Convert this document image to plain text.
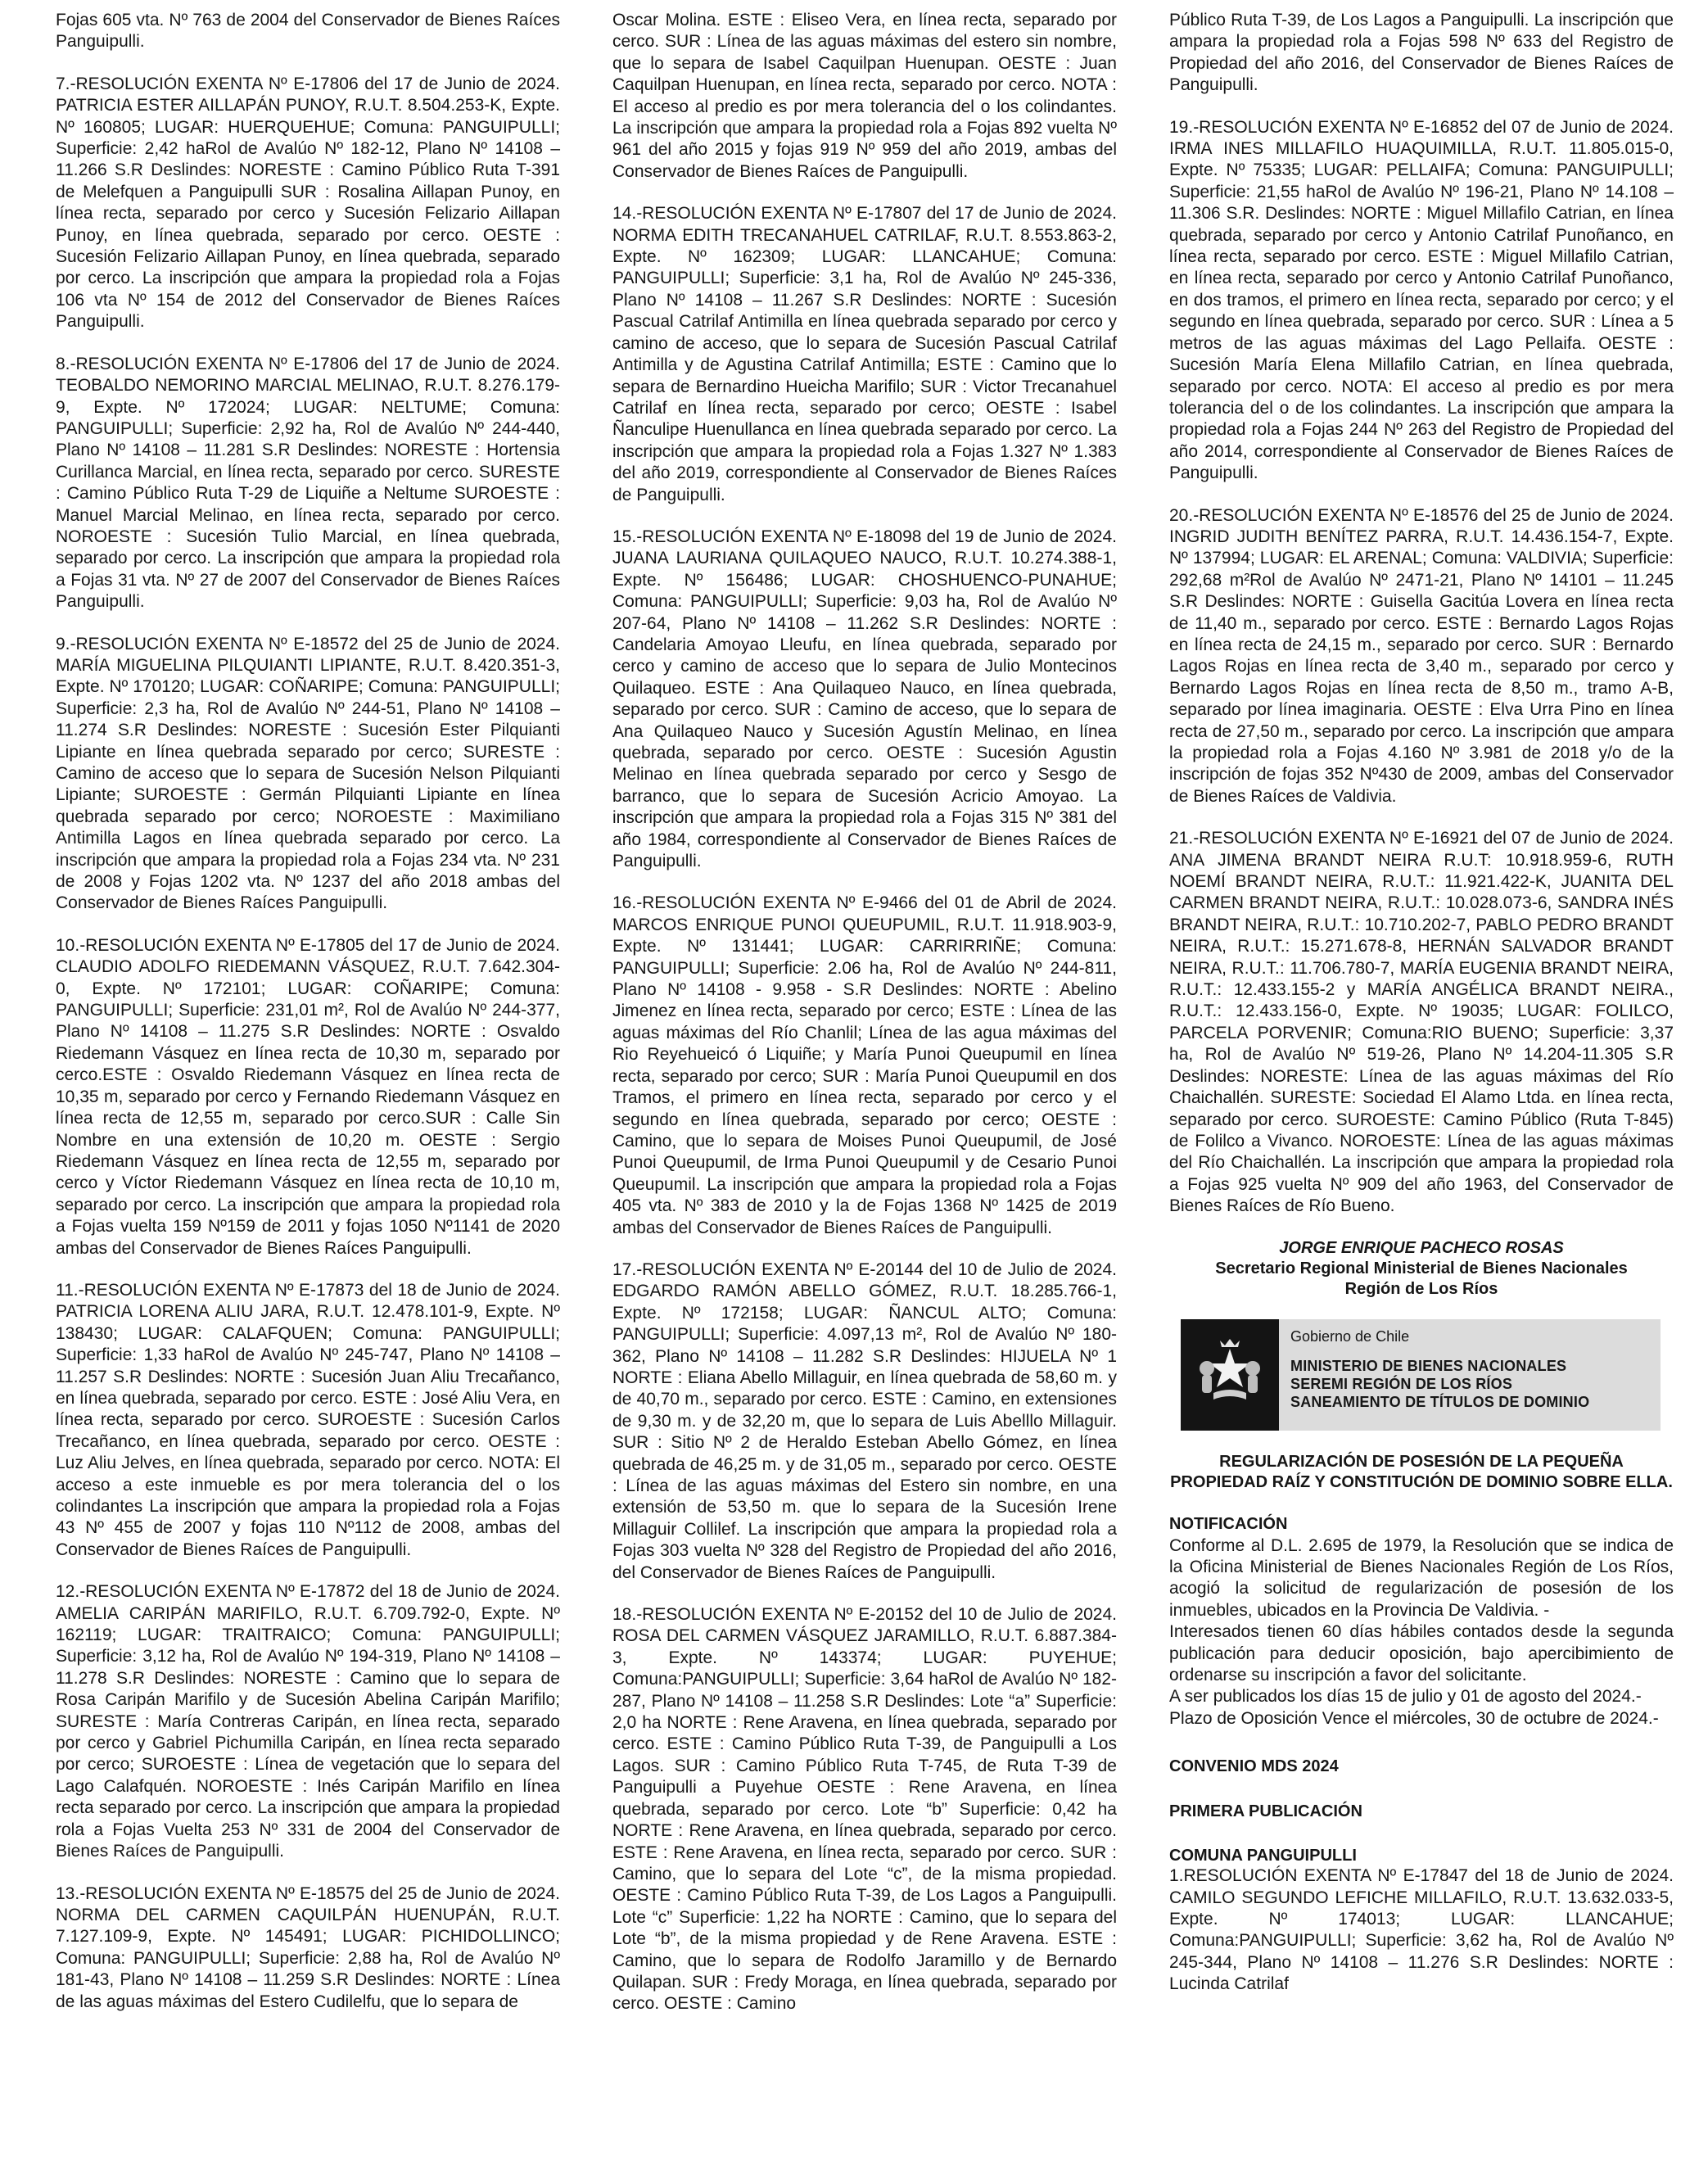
Fojas 605 vta. Nº 763 de 2004 del Conservador de Bienes Raíces Panguipulli.

7.-RESOLUCIÓN EXENTA Nº E-17806 del 17 de Junio de 2024. PATRICIA ESTER AILLAPÁN PUNOY, R.U.T. 8.504.253-K, Expte. Nº 160805; LUGAR: HUERQUEHUE; Comuna: PANGUIPULLI; Superficie: 2,42 haRol de Avalúo Nº 182-12, Plano Nº 14108 – 11.266 S.R Deslindes: NORESTE : Camino Público Ruta T-391 de Melefquen a Panguipulli SUR : Rosalina Aillapan Punoy, en línea recta, separado por cerco y Sucesión Felizario Aillapan Punoy, en línea quebrada, separado por cerco. OESTE : Sucesión Felizario Aillapan Punoy, en línea quebrada, separado por cerco. La inscripción que ampara la propiedad rola a Fojas 106 vta Nº 154 de 2012 del Conservador de Bienes Raíces Panguipulli.

8.-RESOLUCIÓN EXENTA Nº E-17806 del 17 de Junio de 2024. TEOBALDO NEMORINO MARCIAL MELINAO, R.U.T. 8.276.179-9, Expte. Nº 172024; LUGAR: NELTUME; Comuna: PANGUIPULLI; Superficie: 2,92 ha, Rol de Avalúo Nº 244-440, Plano Nº 14108 – 11.281 S.R Deslindes: NORESTE : Hortensia Curillanca Marcial, en línea recta, separado por cerco. SURESTE : Camino Público Ruta T-29 de Liquiñe a Neltume SUROESTE : Manuel Marcial Melinao, en línea recta, separado por cerco. NOROESTE : Sucesión Tulio Marcial, en línea quebrada, separado por cerco. La inscripción que ampara la propiedad rola a Fojas 31 vta. Nº 27 de 2007 del Conservador de Bienes Raíces Panguipulli.

9.-RESOLUCIÓN EXENTA Nº E-18572 del 25 de Junio de 2024. MARÍA MIGUELINA PILQUIANTI LIPIANTE, R.U.T. 8.420.351-3, Expte. Nº 170120; LUGAR: COÑARIPE; Comuna: PANGUIPULLI; Superficie: 2,3 ha, Rol de Avalúo Nº 244-51, Plano Nº 14108 – 11.274 S.R Deslindes: NORESTE : Sucesión Ester Pilquianti Lipiante en línea quebrada separado por cerco; SURESTE : Camino de acceso que lo separa de Sucesión Nelson Pilquianti Lipiante; SUROESTE : Germán Pilquianti Lipiante en línea quebrada separado por cerco; NOROESTE : Maximiliano Antimilla Lagos en línea quebrada separado por cerco. La inscripción que ampara la propiedad rola a Fojas 234 vta. Nº 231 de 2008 y Fojas 1202 vta. Nº 1237 del año 2018 ambas del Conservador de Bienes Raíces Panguipulli.

10.-RESOLUCIÓN EXENTA Nº E-17805 del 17 de Junio de 2024. CLAUDIO ADOLFO RIEDEMANN VÁSQUEZ, R.U.T. 7.642.304-0, Expte. Nº 172101; LUGAR: COÑARIPE; Comuna: PANGUIPULLI; Superficie: 231,01 m², Rol de Avalúo Nº 244-377, Plano Nº 14108 – 11.275 S.R Deslindes: NORTE : Osvaldo Riedemann Vásquez en línea recta de 10,30 m, separado por cerco.ESTE : Osvaldo Riedemann Vásquez en línea recta de 10,35 m, separado por cerco y Fernando Riedemann Vásquez en línea recta de 12,55 m, separado por cerco.SUR : Calle Sin Nombre en una extensión de 10,20 m. OESTE : Sergio Riedemann Vásquez en línea recta de 12,55 m, separado por cerco y Víctor Riedemann Vásquez en línea recta de 10,10 m, separado por cerco. La inscripción que ampara la propiedad rola a Fojas vuelta 159 Nº159 de 2011 y fojas 1050 Nº1141 de 2020 ambas del Conservador de Bienes Raíces Panguipulli.

11.-RESOLUCIÓN EXENTA Nº E-17873 del 18 de Junio de 2024. PATRICIA LORENA ALIU JARA, R.U.T. 12.478.101-9, Expte. Nº 138430; LUGAR: CALAFQUEN; Comuna: PANGUIPULLI; Superficie: 1,33 haRol de Avalúo Nº 245-747, Plano Nº 14108 –11.257 S.R Deslindes: NORTE : Sucesión Juan Aliu Trecañanco, en línea quebrada, separado por cerco. ESTE : José Aliu Vera, en línea recta, separado por cerco. SUROESTE : Sucesión Carlos Trecañanco, en línea quebrada, separado por cerco. OESTE : Luz Aliu Jelves, en línea quebrada, separado por cerco. NOTA: El acceso a este inmueble es por mera tolerancia del o los colindantes La inscripción que ampara la propiedad rola a Fojas 43 Nº 455 de 2007 y fojas 110 Nº112 de 2008, ambas del Conservador de Bienes Raíces de Panguipulli.

12.-RESOLUCIÓN EXENTA Nº E-17872 del 18 de Junio de 2024. AMELIA CARIPÁN MARIFILO, R.U.T. 6.709.792-0, Expte. Nº 162119; LUGAR: TRAITRAICO; Comuna: PANGUIPULLI; Superficie: 3,12 ha, Rol de Avalúo Nº 194-319, Plano Nº 14108 – 11.278 S.R Deslindes: NORESTE : Camino que lo separa de Rosa Caripán Marifilo y de Sucesión Abelina Caripán Marifilo; SURESTE : María Contreras Caripán, en línea recta, separado por cerco y Gabriel Pichumilla Caripán, en línea recta separado por cerco; SUROESTE : Línea de vegetación que lo separa del Lago Calafquén. NOROESTE : Inés Caripán Marifilo en línea recta separado por cerco. La inscripción que ampara la propiedad rola a Fojas Vuelta 253 Nº 331 de 2004 del Conservador de Bienes Raíces de Panguipulli.

13.-RESOLUCIÓN EXENTA Nº E-18575 del 25 de Junio de 2024. NORMA DEL CARMEN CAQUILPÁN HUENUPÁN, R.U.T. 7.127.109-9, Expte. Nº 145491; LUGAR: PICHIDOLLINCO; Comuna: PANGUIPULLI; Superficie: 2,88 ha, Rol de Avalúo Nº 181-43, Plano Nº 14108 – 11.259 S.R Deslindes: NORTE : Línea de las aguas máximas del Estero Cudilelfu, que lo separa de

Oscar Molina. ESTE : Eliseo Vera, en línea recta, separado por cerco. SUR : Línea de las aguas máximas del estero sin nombre, que lo separa de Isabel Caquilpan Huenupan. OESTE : Juan Caquilpan Huenupan, en línea recta, separado por cerco. NOTA : El acceso al predio es por mera tolerancia del o los colindantes. La inscripción que ampara la propiedad rola a Fojas 892 vuelta Nº 961 del año 2015 y fojas 919 Nº 959 del año 2019, ambas del Conservador de Bienes Raíces de Panguipulli.

14.-RESOLUCIÓN EXENTA Nº E-17807 del 17 de Junio de 2024. NORMA EDITH TRECANAHUEL CATRILAF, R.U.T. 8.553.863-2, Expte. Nº 162309; LUGAR: LLANCAHUE; Comuna: PANGUIPULLI; Superficie: 3,1 ha, Rol de Avalúo Nº 245-336, Plano Nº 14108 – 11.267 S.R Deslindes: NORTE : Sucesión Pascual Catrilaf Antimilla en línea quebrada separado por cerco y camino de acceso, que lo separa de Sucesión Pascual Catrilaf Antimilla y de Agustina Catrilaf Antimilla; ESTE : Camino que lo separa de Bernardino Hueicha Marifilo; SUR : Victor Trecanahuel Catrilaf en línea recta, separado por cerco; OESTE : Isabel Ñanculipe Huenullanca en línea quebrada separado por cerco. La inscripción que ampara la propiedad rola a Fojas 1.327 Nº 1.383 del año 2019, correspondiente al Conservador de Bienes Raíces de Panguipulli.

15.-RESOLUCIÓN EXENTA Nº E-18098 del 19 de Junio de 2024. JUANA LAURIANA QUILAQUEO NAUCO, R.U.T. 10.274.388-1, Expte. Nº 156486; LUGAR: CHOSHUENCO-PUNAHUE; Comuna: PANGUIPULLI; Superficie: 9,03 ha, Rol de Avalúo Nº 207-64, Plano Nº 14108 – 11.262 S.R Deslindes: NORTE : Candelaria Amoyao Lleufu, en línea quebrada, separado por cerco y camino de acceso que lo separa de Julio Montecinos Quilaqueo. ESTE : Ana Quilaqueo Nauco, en línea quebrada, separado por cerco. SUR : Camino de acceso, que lo separa de Ana Quilaqueo Nauco y Sucesión Agustín Melinao, en línea quebrada, separado por cerco. OESTE : Sucesión Agustin Melinao en línea quebrada separado por cerco y Sesgo de barranco, que lo separa de Sucesión Acricio Amoyao. La inscripción que ampara la propiedad rola a Fojas 315 Nº 381 del año 1984, correspondiente al Conservador de Bienes Raíces de Panguipulli.

16.-RESOLUCIÓN EXENTA Nº E-9466 del 01 de Abril de 2024. MARCOS ENRIQUE PUNOI QUEUPUMIL, R.U.T. 11.918.903-9, Expte. Nº 131441; LUGAR: CARRIRRIÑE; Comuna: PANGUIPULLI; Superficie: 2.06 ha, Rol de Avalúo Nº 244-811, Plano Nº 14108 - 9.958 - S.R Deslindes: NORTE : Abelino Jimenez en línea recta, separado por cerco; ESTE : Línea de las aguas máximas del Río Chanlil; Línea de las agua máximas del Rio Reyehueicó ó Liquiñe; y María Punoi Queupumil en línea recta, separado por cerco; SUR : María Punoi Queupumil en dos Tramos, el primero en línea recta, separado por cerco y el segundo en línea quebrada, separado por cerco; OESTE : Camino, que lo separa de Moises Punoi Queupumil, de José Punoi Queupumil, de Irma Punoi Queupumil y de Cesario Punoi Queupumil. La inscripción que ampara la propiedad rola a Fojas 405 vta. Nº 383 de 2010 y la de Fojas 1368 Nº 1425 de 2019 ambas del Conservador de Bienes Raíces de Panguipulli.

17.-RESOLUCIÓN EXENTA Nº E-20144 del 10 de Julio de 2024. EDGARDO RAMÓN ABELLO GÓMEZ, R.U.T. 18.285.766-1, Expte. Nº 172158; LUGAR: ÑANCUL ALTO; Comuna: PANGUIPULLI; Superficie: 4.097,13 m², Rol de Avalúo Nº 180-362, Plano Nº 14108 – 11.282 S.R Deslindes: HIJUELA Nº 1 NORTE : Eliana Abello Millaguir, en línea quebrada de 58,60 m. y de 40,70 m., separado por cerco. ESTE : Camino, en extensiones de 9,30 m. y de 32,20 m, que lo separa de Luis Abelllo Millaguir. SUR : Sitio Nº 2 de Heraldo Esteban Abello Gómez, en línea quebrada de 46,25 m. y de 31,05 m., separado por cerco. OESTE : Línea de las aguas máximas del Estero sin nombre, en una extensión de 53,50 m. que lo separa de la Sucesión Irene Millaguir Collilef. La inscripción que ampara la propiedad rola a Fojas 303 vuelta Nº 328 del Registro de Propiedad del año 2016, del Conservador de Bienes Raíces de Panguipulli.

18.-RESOLUCIÓN EXENTA Nº E-20152 del 10 de Julio de 2024. ROSA DEL CARMEN VÁSQUEZ JARAMILLO, R.U.T. 6.887.384-3, Expte. Nº 143374; LUGAR: PUYEHUE; Comuna:PANGUIPULLI; Superficie: 3,64 haRol de Avalúo Nº 182-287, Plano Nº 14108 – 11.258 S.R Deslindes: Lote “a” Superficie: 2,0 ha NORTE : Rene Aravena, en línea quebrada, separado por cerco. ESTE : Camino Público Ruta T-39, de Panguipulli a Los Lagos. SUR : Camino Público Ruta T-745, de Ruta T-39 de Panguipulli a Puyehue OESTE : Rene Aravena, en línea quebrada, separado por cerco. Lote “b” Superficie: 0,42 ha NORTE : Rene Aravena, en línea quebrada, separado por cerco. ESTE : Rene Aravena, en línea recta, separado por cerco. SUR : Camino, que lo separa del Lote “c”, de la misma propiedad. OESTE : Camino Público Ruta T-39, de Los Lagos a Panguipulli. Lote “c” Superficie: 1,22 ha NORTE : Camino, que lo separa del Lote “b”, de la misma propiedad y de Rene Aravena. ESTE : Camino, que lo separa de Rodolfo Jaramillo y de Bernardo Quilapan. SUR : Fredy Moraga, en línea quebrada, separado por cerco. OESTE : Camino

Público Ruta T-39, de Los Lagos a Panguipulli. La inscripción que ampara la propiedad rola a Fojas 598 Nº 633 del Registro de Propiedad del año 2016, del Conservador de Bienes Raíces de Panguipulli.

19.-RESOLUCIÓN EXENTA Nº E-16852 del 07 de Junio de 2024. IRMA INES MILLAFILO HUAQUIMILLA, R.U.T. 11.805.015-0, Expte. Nº 75335; LUGAR: PELLAIFA; Comuna: PANGUIPULLI; Superficie: 21,55 haRol de Avalúo Nº 196-21, Plano Nº 14.108 – 11.306 S.R. Deslindes: NORTE : Miguel Millafilo Catrian, en línea quebrada, separado por cerco y Antonio Catrilaf Punoñanco, en línea recta, separado por cerco. ESTE : Miguel Millafilo Catrian, en línea recta, separado por cerco y Antonio Catrilaf Punoñanco, en dos tramos, el primero en línea recta, separado por cerco; y el segundo en línea quebrada, separado por cerco. SUR : Línea a 5 metros de las aguas máximas del Lago Pellaifa. OESTE : Sucesión María Elena Millafilo Catrian, en línea quebrada, separado por cerco. NOTA: El acceso al predio es por mera tolerancia del o de los colindantes. La inscripción que ampara la propiedad rola a Fojas 244 Nº 263 del Registro de Propiedad del año 2014, correspondiente al Conservador de Bienes Raíces de Panguipulli.

20.-RESOLUCIÓN EXENTA Nº E-18576 del 25 de Junio de 2024. INGRID JUDITH BENÍTEZ PARRA, R.U.T. 14.436.154-7, Expte. Nº 137994; LUGAR: EL ARENAL; Comuna: VALDIVIA; Superficie: 292,68 m²Rol de Avalúo Nº 2471-21, Plano Nº 14101 – 11.245 S.R Deslindes: NORTE : Guisella Gacitúa Lovera en línea recta de 11,40 m., separado por cerco. ESTE : Bernardo Lagos Rojas en línea recta de 24,15 m., separado por cerco. SUR : Bernardo Lagos Rojas en línea recta de 3,40 m., separado por cerco y Bernardo Lagos Rojas en línea recta de 8,50 m., tramo A-B, separado por línea imaginaria. OESTE : Elva Urra Pino en línea recta de 27,50 m., separado por cerco. La inscripción que ampara la propiedad rola a Fojas 4.160 Nº 3.981 de 2018 y/o de la inscripción de fojas 352 Nº430 de 2009, ambas del Conservador de Bienes Raíces de Valdivia.

21.-RESOLUCIÓN EXENTA Nº E-16921 del 07 de Junio de 2024. ANA JIMENA BRANDT NEIRA R.U.T: 10.918.959-6, RUTH NOEMÍ BRANDT NEIRA, R.U.T.: 11.921.422-K, JUANITA DEL CARMEN BRANDT NEIRA, R.U.T.: 10.028.073-6, SANDRA INÉS BRANDT NEIRA, R.U.T.: 10.710.202-7, PABLO PEDRO BRANDT NEIRA, R.U.T.: 15.271.678-8, HERNÁN SALVADOR BRANDT NEIRA, R.U.T.: 11.706.780-7, MARÍA EUGENIA BRANDT NEIRA, R.U.T.: 12.433.155-2 y MARÍA ANGÉLICA BRANDT NEIRA., R.U.T.: 12.433.156-0, Expte. Nº 19035; LUGAR: FOLILCO, PARCELA PORVENIR; Comuna:RIO BUENO; Superficie: 3,37 ha, Rol de Avalúo Nº 519-26, Plano Nº 14.204-11.305 S.R Deslindes: NORESTE: Línea de las aguas máximas del Río Chaichallén. SURESTE: Sociedad El Alamo Ltda. en línea recta, separado por cerco. SUROESTE: Camino Público (Ruta T-845) de Folilco a Vivanco. NOROESTE: Línea de las aguas máximas del Río Chaichallén. La inscripción que ampara la propiedad rola a Fojas 925 vuelta Nº 909 del año 1963, del Conservador de Bienes Raíces de Río Bueno.

JORGE ENRIQUE PACHECO ROSAS
Secretario Regional Ministerial de Bienes Nacionales
Región de Los Ríos
Gobierno de Chile
MINISTERIO DE BIENES NACIONALES
SEREMI REGIÓN DE LOS RÍOS
SANEAMIENTO DE TÍTULOS DE DOMINIO
REGULARIZACIÓN DE POSESIÓN DE LA PEQUEÑA
PROPIEDAD RAÍZ Y CONSTITUCIÓN DE DOMINIO SOBRE ELLA.
NOTIFICACIÓN

Conforme al D.L. 2.695 de 1979, la Resolución que se indica de la Oficina Ministerial de Bienes Nacionales Región de Los Ríos, acogió la solicitud de regularización de posesión de los inmuebles, ubicados en la Provincia De Valdivia. -

Interesados tienen 60 días hábiles contados desde la segunda publicación para deducir oposición, bajo apercibimiento de ordenarse su inscripción a favor del solicitante.

A ser publicados los días 15 de julio y 01 de agosto del 2024.-

Plazo de Oposición Vence el miércoles, 30 de octubre de 2024.-

CONVENIO MDS 2024
PRIMERA PUBLICACIÓN
COMUNA PANGUIPULLI

1.RESOLUCIÓN EXENTA Nº E-17847 del 18 de Junio de 2024. CAMILO SEGUNDO LEFICHE MILLAFILO, R.U.T. 13.632.033-5, Expte. Nº 174013; LUGAR: LLANCAHUE; Comuna:PANGUIPULLI; Superficie: 3,62 ha, Rol de Avalúo Nº 245-344, Plano Nº 14108 – 11.276 S.R Deslindes: NORTE : Lucinda Catrilaf
